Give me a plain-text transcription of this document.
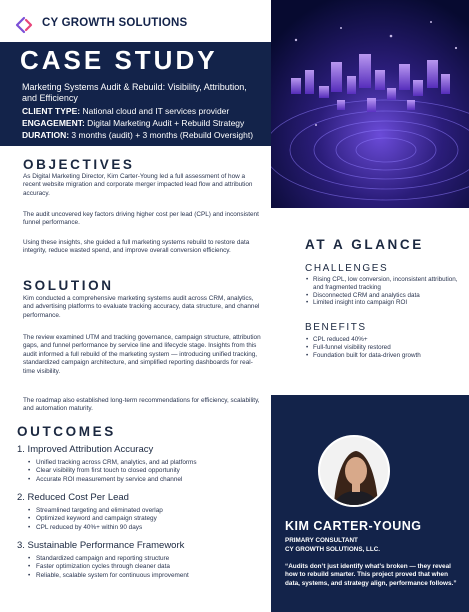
CY GROWTH SOLUTIONS
CASE STUDY
Marketing Systems Audit & Rebuild: Visibility, Attribution, and Efficiency
CLIENT TYPE: National cloud and IT services provider
ENGAGEMENT: Digital Marketing Audit + Rebuild Strategy
DURATION: 3 months (audit) + 3 months (Rebuild Oversight)
OBJECTIVES
As Digital Marketing Director, Kim Carter-Young led a full assessment of how a recent website migration and corporate merger impacted lead flow and attribution accuracy.
The audit uncovered key factors driving higher cost per lead (CPL) and inconsistent funnel performance.
Using these insights, she guided a full marketing systems rebuild to restore data integrity, reduce wasted spend, and improve overall conversion efficiency.
SOLUTION
Kim conducted a comprehensive marketing systems audit across CRM, analytics, and advertising platforms to evaluate tracking accuracy, data structure, and channel performance.
The review examined UTM and tracking governance, campaign structure, attribution gaps, and funnel performance by service line and lifecycle stage. Insights from this audit informed a full rebuild of the marketing system — introducing unified tracking, standardized campaign architecture, and simplified reporting dashboards for real-time visibility.
The roadmap also established long-term recommendations for efficiency, scalability, and automation maturity.
AT A GLANCE
CHALLENGES
• Rising CPL, low conversion, inconsistent attribution, and fragmented tracking
• Disconnected CRM and analytics data
• Limited insight into campaign ROI
BENEFITS
• CPL reduced 40%+
• Full-funnel visibility restored
• Foundation built for data-driven growth
OUTCOMES
1. Improved Attribution Accuracy
• Unified tracking across CRM, analytics, and ad platforms
• Clear visibility from first touch to closed opportunity
• Accurate ROI measurement by service and channel
2. Reduced Cost Per Lead
• Streamlined targeting and eliminated overlap
• Optimized keyword and campaign strategy
• CPL reduced by 40%+ within 90 days
3. Sustainable Performance Framework
• Standardized campaign and reporting structure
• Faster optimization cycles through cleaner data
• Reliable, scalable system for continuous improvement
KIM CARTER-YOUNG
PRIMARY CONSULTANT
CY GROWTH SOLUTIONS, LLC.
“Audits don’t just identify what’s broken — they reveal how to rebuild smarter. This project proved that when data, systems, and strategy align, performance follows.”
